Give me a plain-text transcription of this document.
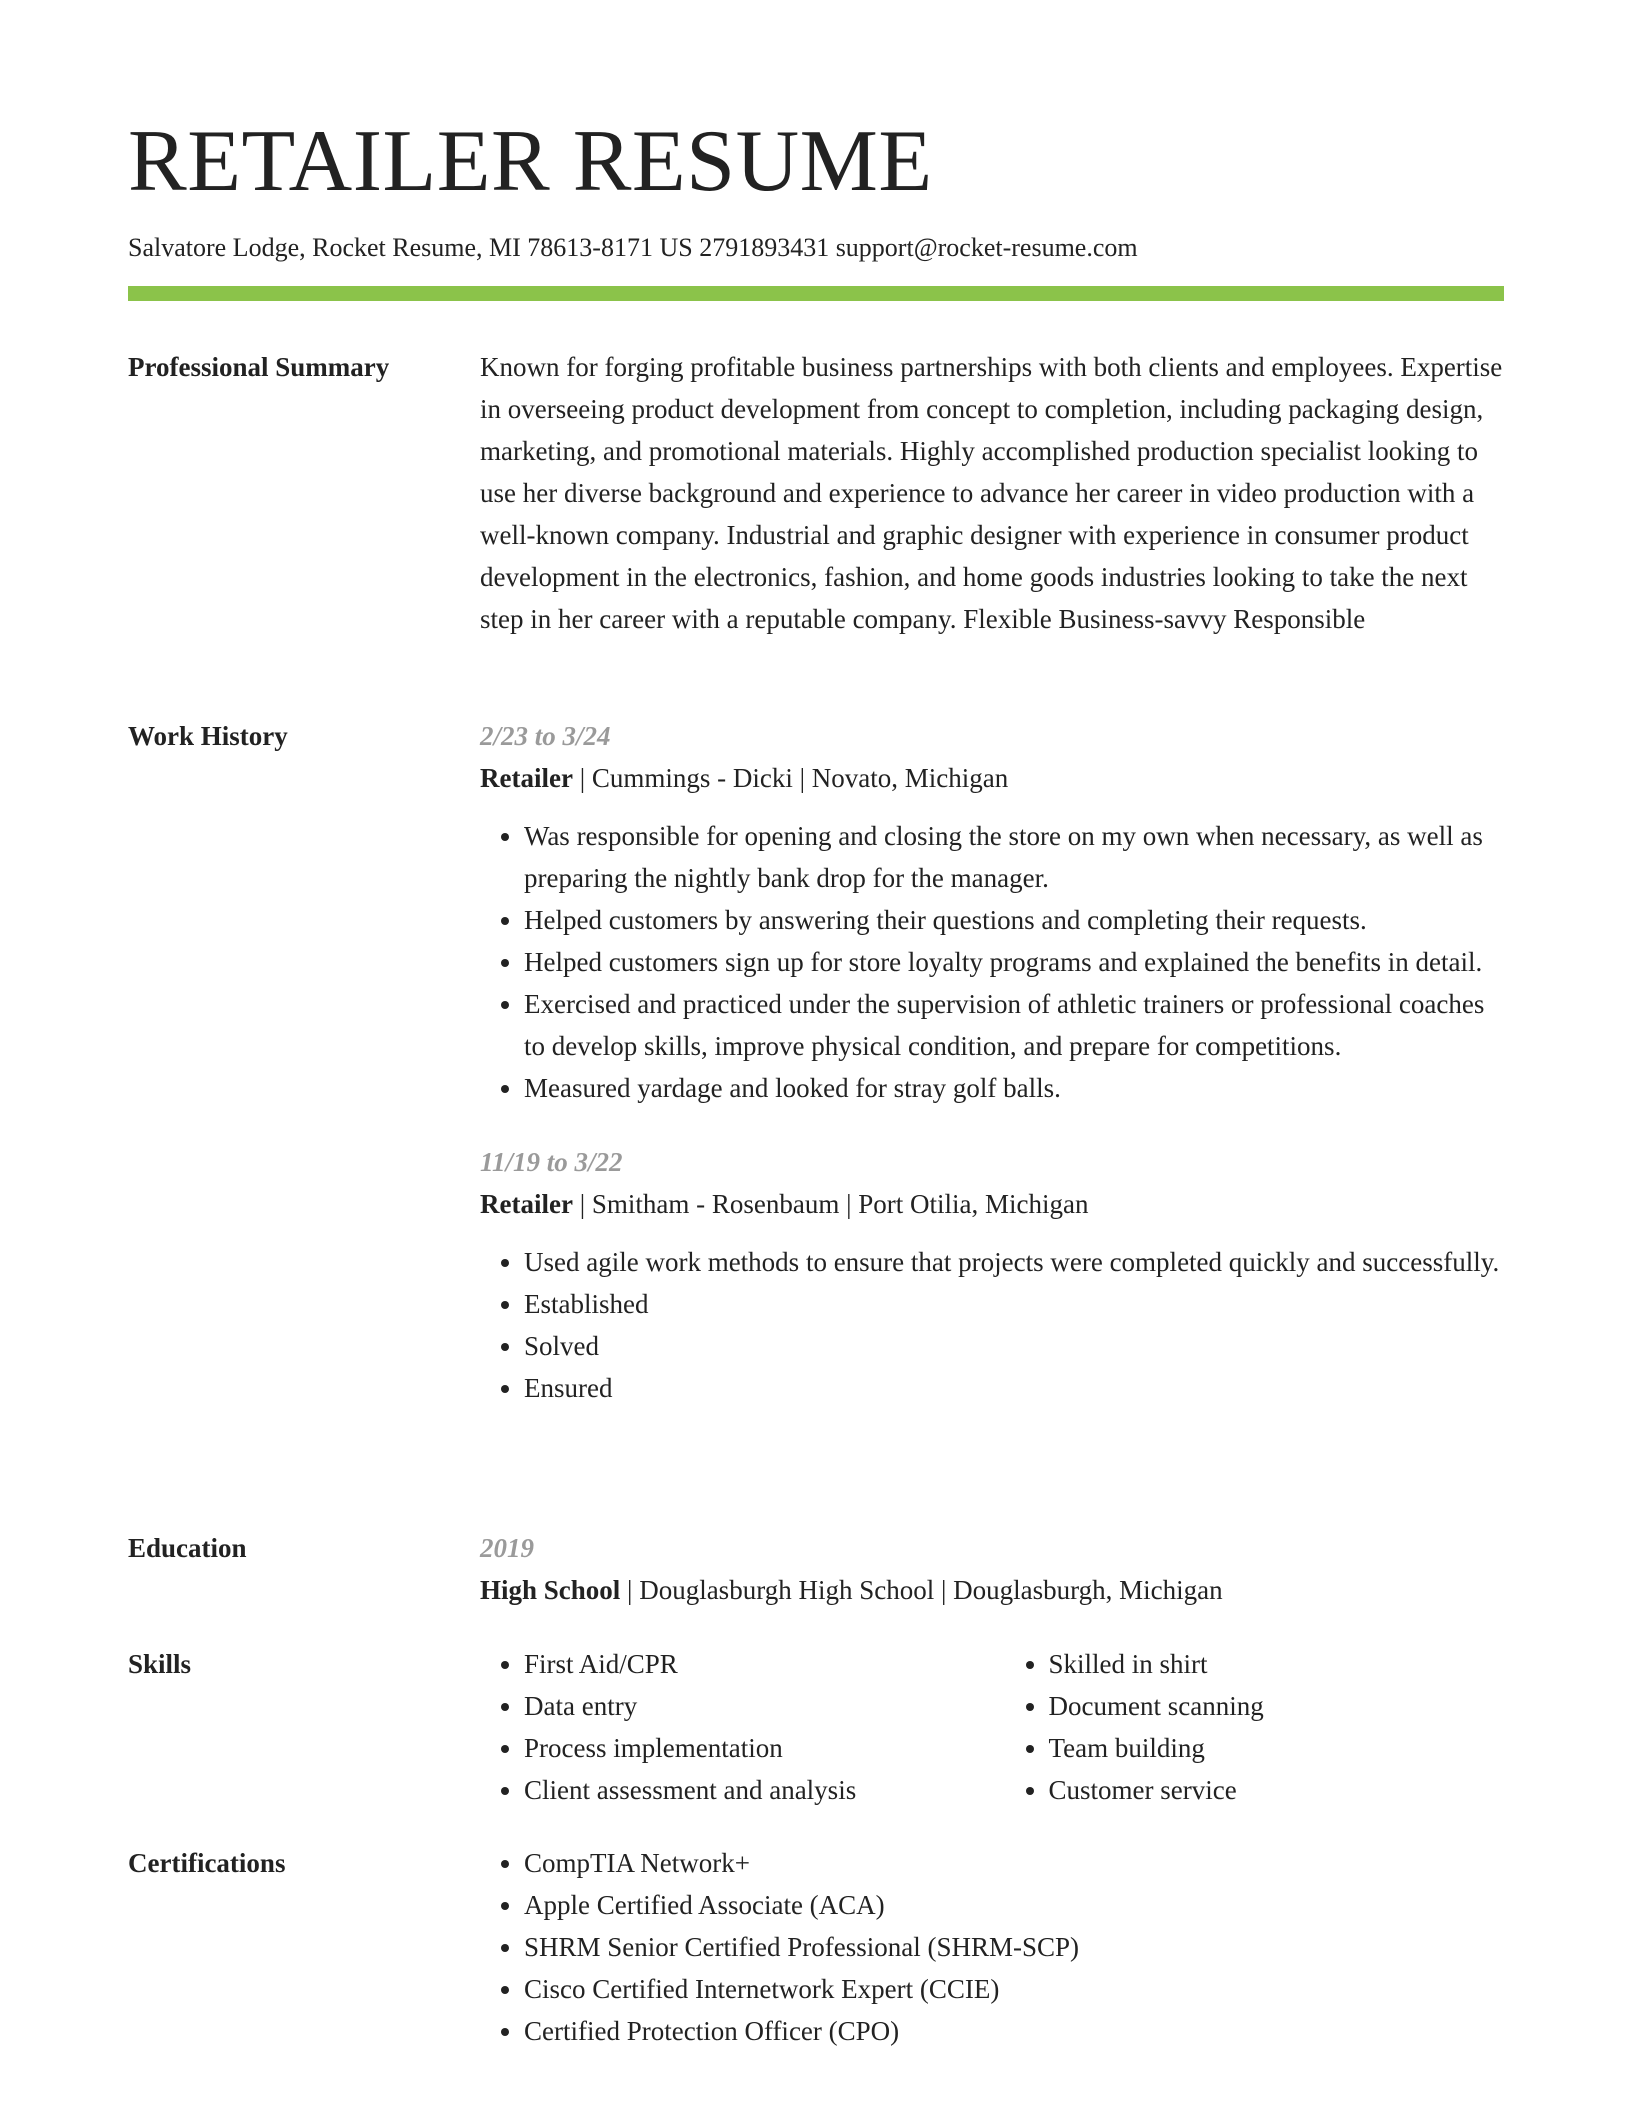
RETAILER RESUME
Salvatore Lodge, Rocket Resume, MI 78613-8171 US 2791893431 support@rocket-resume.com
Professional Summary	Known for forging profitable business partnerships with both clients and employees. Expertise in overseeing product development from concept to completion, including packaging design, marketing, and promotional materials. Highly accomplished production specialist looking to use her diverse background and experience to advance her career in video production with a well-known company. Industrial and graphic designer with experience in consumer product development in the electronics, fashion, and home goods industries looking to take the next step in her career with a reputable company. Flexible Business-savvy Responsible

Work History	2/23 to 3/24
Retailer | Cummings - Dicki | Novato, Michigan
• Was responsible for opening and closing the store on my own when necessary, as well as preparing the nightly bank drop for the manager.
• Helped customers by answering their questions and completing their requests.
• Helped customers sign up for store loyalty programs and explained the benefits in detail.
• Exercised and practiced under the supervision of athletic trainers or professional coaches to develop skills, improve physical condition, and prepare for competitions.
• Measured yardage and looked for stray golf balls.
11/19 to 3/22
Retailer | Smitham - Rosenbaum | Port Otilia, Michigan
• Used agile work methods to ensure that projects were completed quickly and successfully.
• Established
• Solved
• Ensured
Education	2019
High School | Douglasburgh High School | Douglasburgh, Michigan
Skills	• First Aid/CPR
• Data entry
• Process implementation
• Client assessment and analysis
• Skilled in shirt
• Document scanning
• Team building
• Customer service
Certifications	• CompTIA Network+
• Apple Certified Associate (ACA)
• SHRM Senior Certified Professional (SHRM-SCP)
• Cisco Certified Internetwork Expert (CCIE)
• Certified Protection Officer (CPO)
